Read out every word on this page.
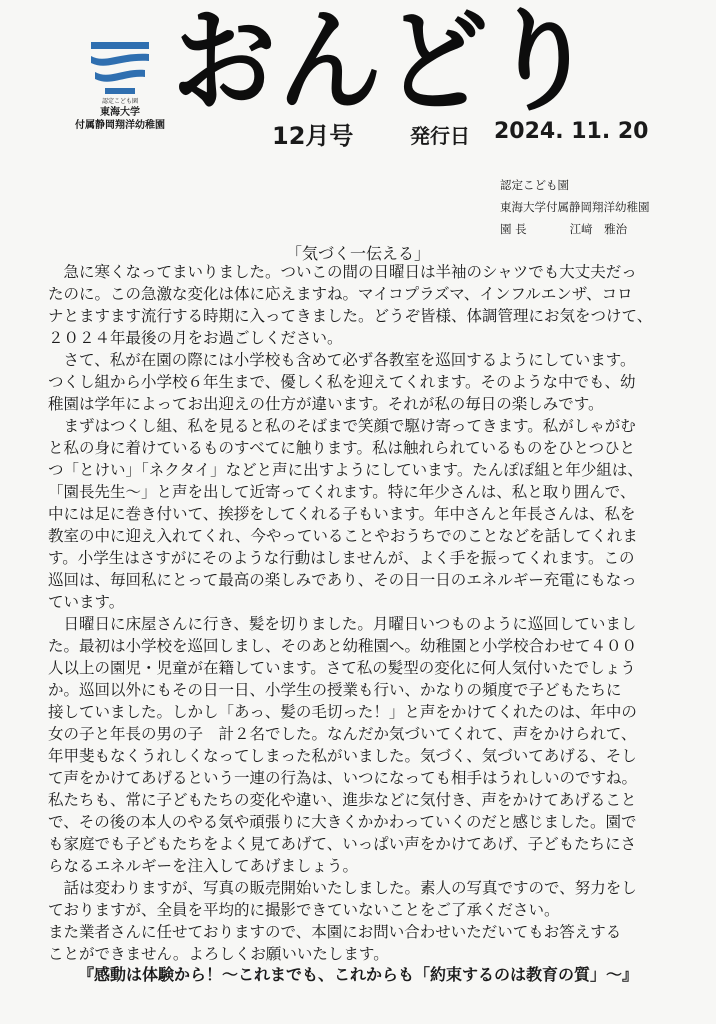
認定こども園
東海大学
付属静岡翔洋幼稚園 おんどり
12月号	発行日 2024. 11. 20
認定こども園
東海大学付属静岡翔洋幼稚園
園 長	江﨑　雅治
「気づく一伝える」
　急に寒くなってまいりました。ついこの間の日曜日は半袖のシャツでも大丈夫だっ
たのに。この急激な変化は体に応えますね。マイコプラズマ、インフルエンザ、コロ
ナとますます流行する時期に入ってきました。どうぞ皆様、体調管理にお気をつけて、
２０２４年最後の月をお過ごしください。
　さて、私が在園の際には小学校も含めて必ず各教室を巡回するようにしています。
つくし組から小学校６年生まで、優しく私を迎えてくれます。そのような中でも、幼
稚園は学年によってお出迎えの仕方が違います。それが私の毎日の楽しみです。
　まずはつくし組、私を見ると私のそばまで笑顔で駆け寄ってきます。私がしゃがむ
と私の身に着けているものすべてに触ります。私は触れられているものをひとつひと
つ「とけい」「ネクタイ」などと声に出すようにしています。たんぽぽ組と年少組は、
「園長先生～」と声を出して近寄ってくれます。特に年少さんは、私と取り囲んで、
中には足に巻き付いて、挨拶をしてくれる子もいます。年中さんと年長さんは、私を
教室の中に迎え入れてくれ、今やっていることやおうちでのことなどを話してくれま
す。小学生はさすがにそのような行動はしませんが、よく手を振ってくれます。この
巡回は、毎回私にとって最高の楽しみであり、その日一日のエネルギー充電にもなっ
ています。
　日曜日に床屋さんに行き、髪を切りました。月曜日いつものように巡回していまし
た。最初は小学校を巡回しまし、そのあと幼稚園へ。幼稚園と小学校合わせて４００
人以上の園児・児童が在籍しています。さて私の髪型の変化に何人気付いたでしょう
か。巡回以外にもその日一日、小学生の授業も行い、かなりの頻度で子どもたちに
接していました。しかし「あっ、髪の毛切った！」と声をかけてくれたのは、年中の
女の子と年長の男の子　計２名でした。なんだか気づいてくれて、声をかけられて、
年甲斐もなくうれしくなってしまった私がいました。気づく、気づいてあげる、そし
て声をかけてあげるという一連の行為は、いつになっても相手はうれしいのですね。
私たちも、常に子どもたちの変化や違い、進歩などに気付き、声をかけてあげること
で、その後の本人のやる気や頑張りに大きくかかわっていくのだと感じました。園で
も家庭でも子どもたちをよく見てあげて、いっぱい声をかけてあげ、子どもたちにさ
らなるエネルギーを注入してあげましょう。
　話は変わりますが、写真の販売開始いたしました。素人の写真ですので、努力をし
ておりますが、全員を平均的に撮影できていないことをご了承ください。
また業者さんに任せておりますので、本園にお問い合わせいただいてもお答えする
ことができません。よろしくお願いいたします。
『感動は体験から！～これまでも、これからも「約束するのは教育の質」～』
